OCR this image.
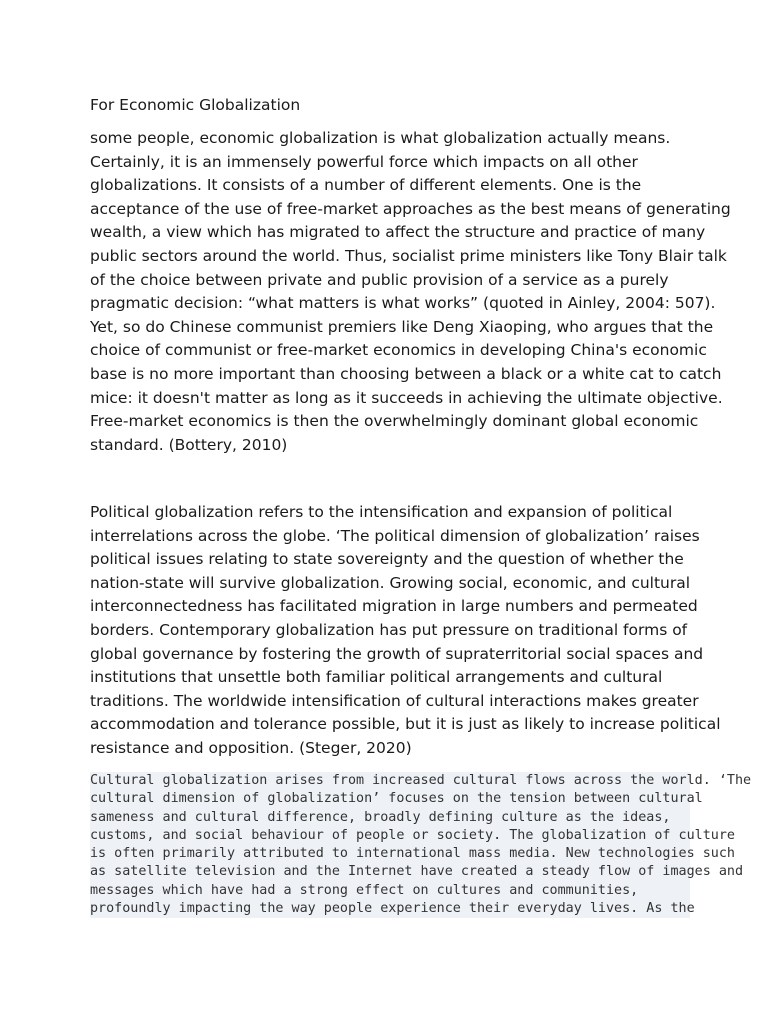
For Economic Globalization

some people, economic globalization is what globalization actually means.
Certainly, it is an immensely powerful force which impacts on all other
globalizations. It consists of a number of different elements. One is the
acceptance of the use of free-market approaches as the best means of generating
wealth, a view which has migrated to affect the structure and practice of many
public sectors around the world. Thus, socialist prime ministers like Tony Blair talk
of the choice between private and public provision of a service as a purely
pragmatic decision: “what matters is what works” (quoted in Ainley, 2004: 507).
Yet, so do Chinese communist premiers like Deng Xiaoping, who argues that the
choice of communist or free-market economics in developing China's economic
base is no more important than choosing between a black or a white cat to catch
mice: it doesn't matter as long as it succeeds in achieving the ultimate objective.
Free-market economics is then the overwhelmingly dominant global economic
standard. (Bottery, 2010)

Political globalization refers to the intensification and expansion of political
interrelations across the globe. ‘The political dimension of globalization’ raises
political issues relating to state sovereignty and the question of whether the
nation-state will survive globalization. Growing social, economic, and cultural
interconnectedness has facilitated migration in large numbers and permeated
borders. Contemporary globalization has put pressure on traditional forms of
global governance by fostering the growth of supraterritorial social spaces and
institutions that unsettle both familiar political arrangements and cultural
traditions. The worldwide intensification of cultural interactions makes greater
accommodation and tolerance possible, but it is just as likely to increase political
resistance and opposition. (Steger, 2020)

Cultural globalization arises from increased cultural flows across the world. ‘The
cultural dimension of globalization’ focuses on the tension between cultural
sameness and cultural difference, broadly defining culture as the ideas,
customs, and social behaviour of people or society. The globalization of culture
is often primarily attributed to international mass media. New technologies such
as satellite television and the Internet have created a steady flow of images and
messages which have had a strong effect on cultures and communities,
profoundly impacting the way people experience their everyday lives. As the
